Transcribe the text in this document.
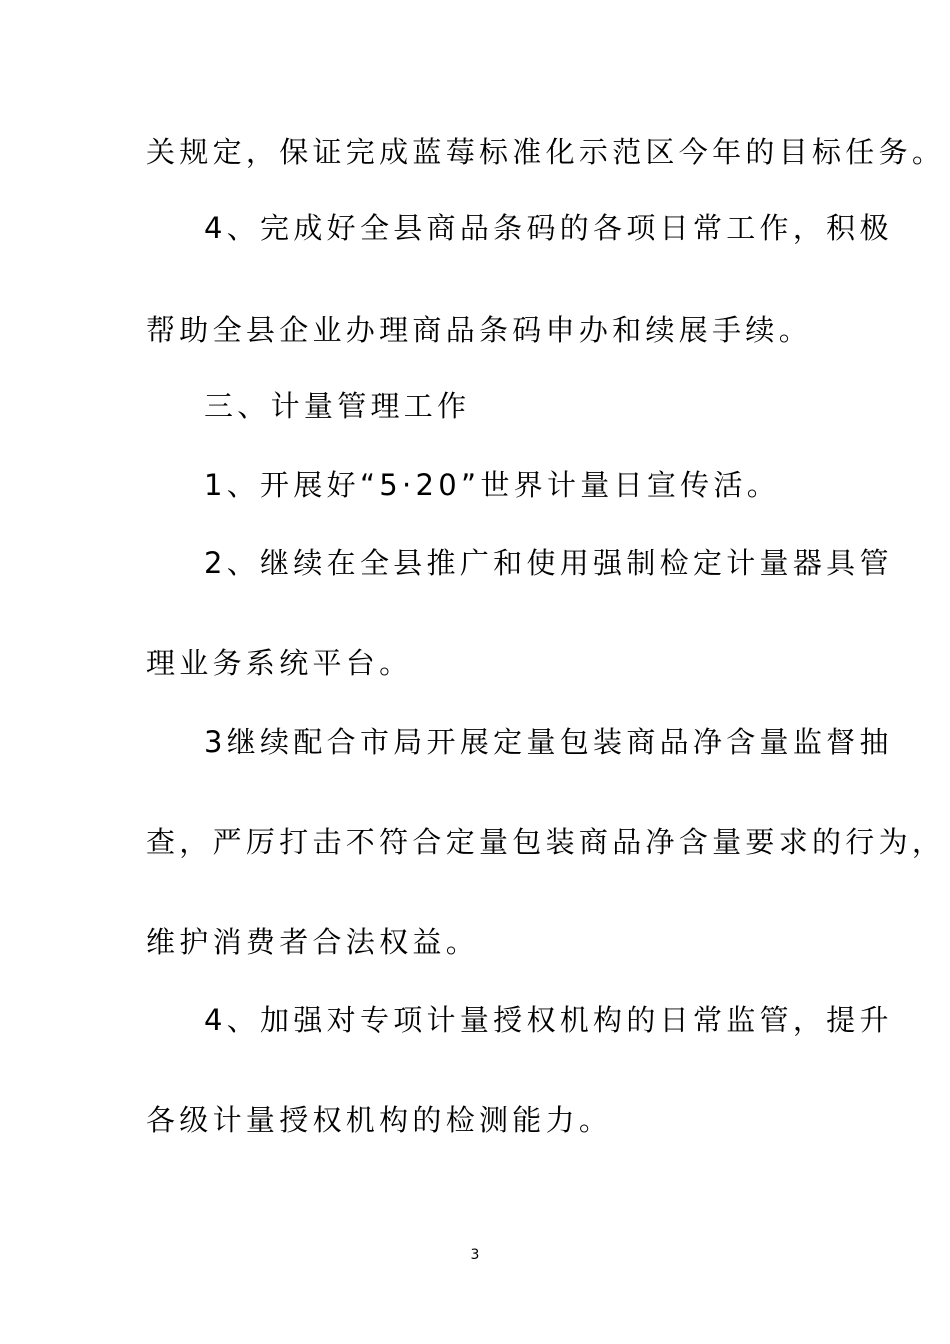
关规定，保证完成蓝莓标准化示范区今年的目标任务。
4、完成好全县商品条码的各项日常工作，积极
帮助全县企业办理商品条码申办和续展手续。
三、计量管理工作
1、开展好“5·20”世界计量日宣传活。
2、继续在全县推广和使用强制检定计量器具管
理业务系统平台。
3继续配合市局开展定量包装商品净含量监督抽
查，严厉打击不符合定量包装商品净含量要求的行为，
维护消费者合法权益。
4、加强对专项计量授权机构的日常监管，提升
各级计量授权机构的检测能力。
3
